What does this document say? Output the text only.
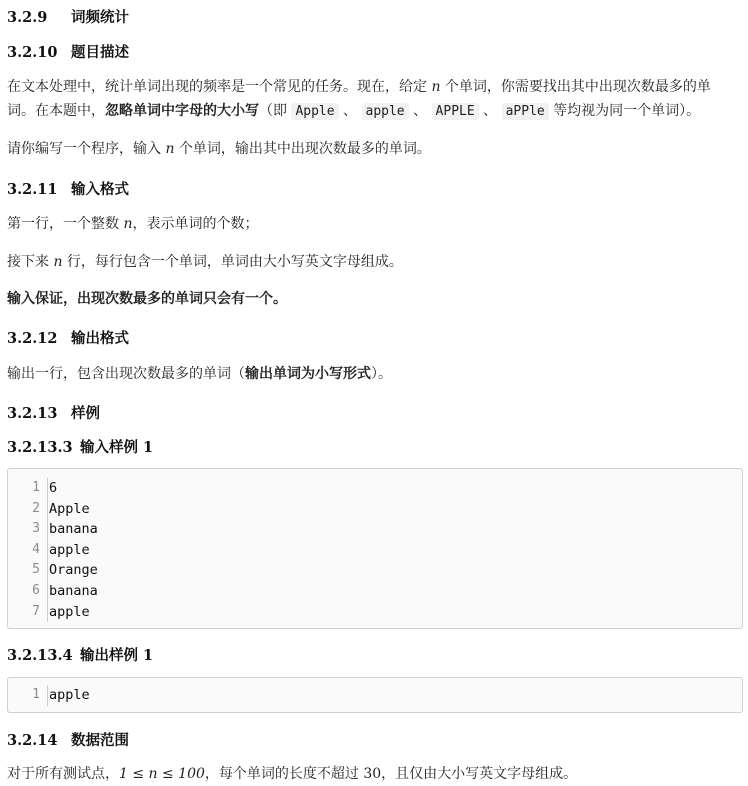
3.2.9 词频统计
3.2.10 题目描述
在文本处理中，统计单词出现的频率是一个常见的任务。现在，给定 n 个单词，你需要找出其中出现次数最多的单词。在本题中，忽略单词中字母的大小写（即 Apple 、 apple 、 APPLE 、 aPPle 等均视为同一个单词）。
请你编写一个程序，输入 n 个单词，输出其中出现次数最多的单词。
3.2.11 输入格式
第一行，一个整数 n，表示单词的个数；
接下来 n 行，每行包含一个单词，单词由大小写英文字母组成。
输入保证，出现次数最多的单词只会有一个。
3.2.12 输出格式
输出一行，包含出现次数最多的单词（输出单词为小写形式）。
3.2.13 样例
3.2.13.3 输入样例 1
1 6
2 Apple
3 banana
4 apple
5 Orange
6 banana
7 apple
3.2.13.4 输出样例 1
1 apple
3.2.14 数据范围
对于所有测试点，1 ≤ n ≤ 100，每个单词的长度不超过 30，且仅由大小写英文字母组成。
